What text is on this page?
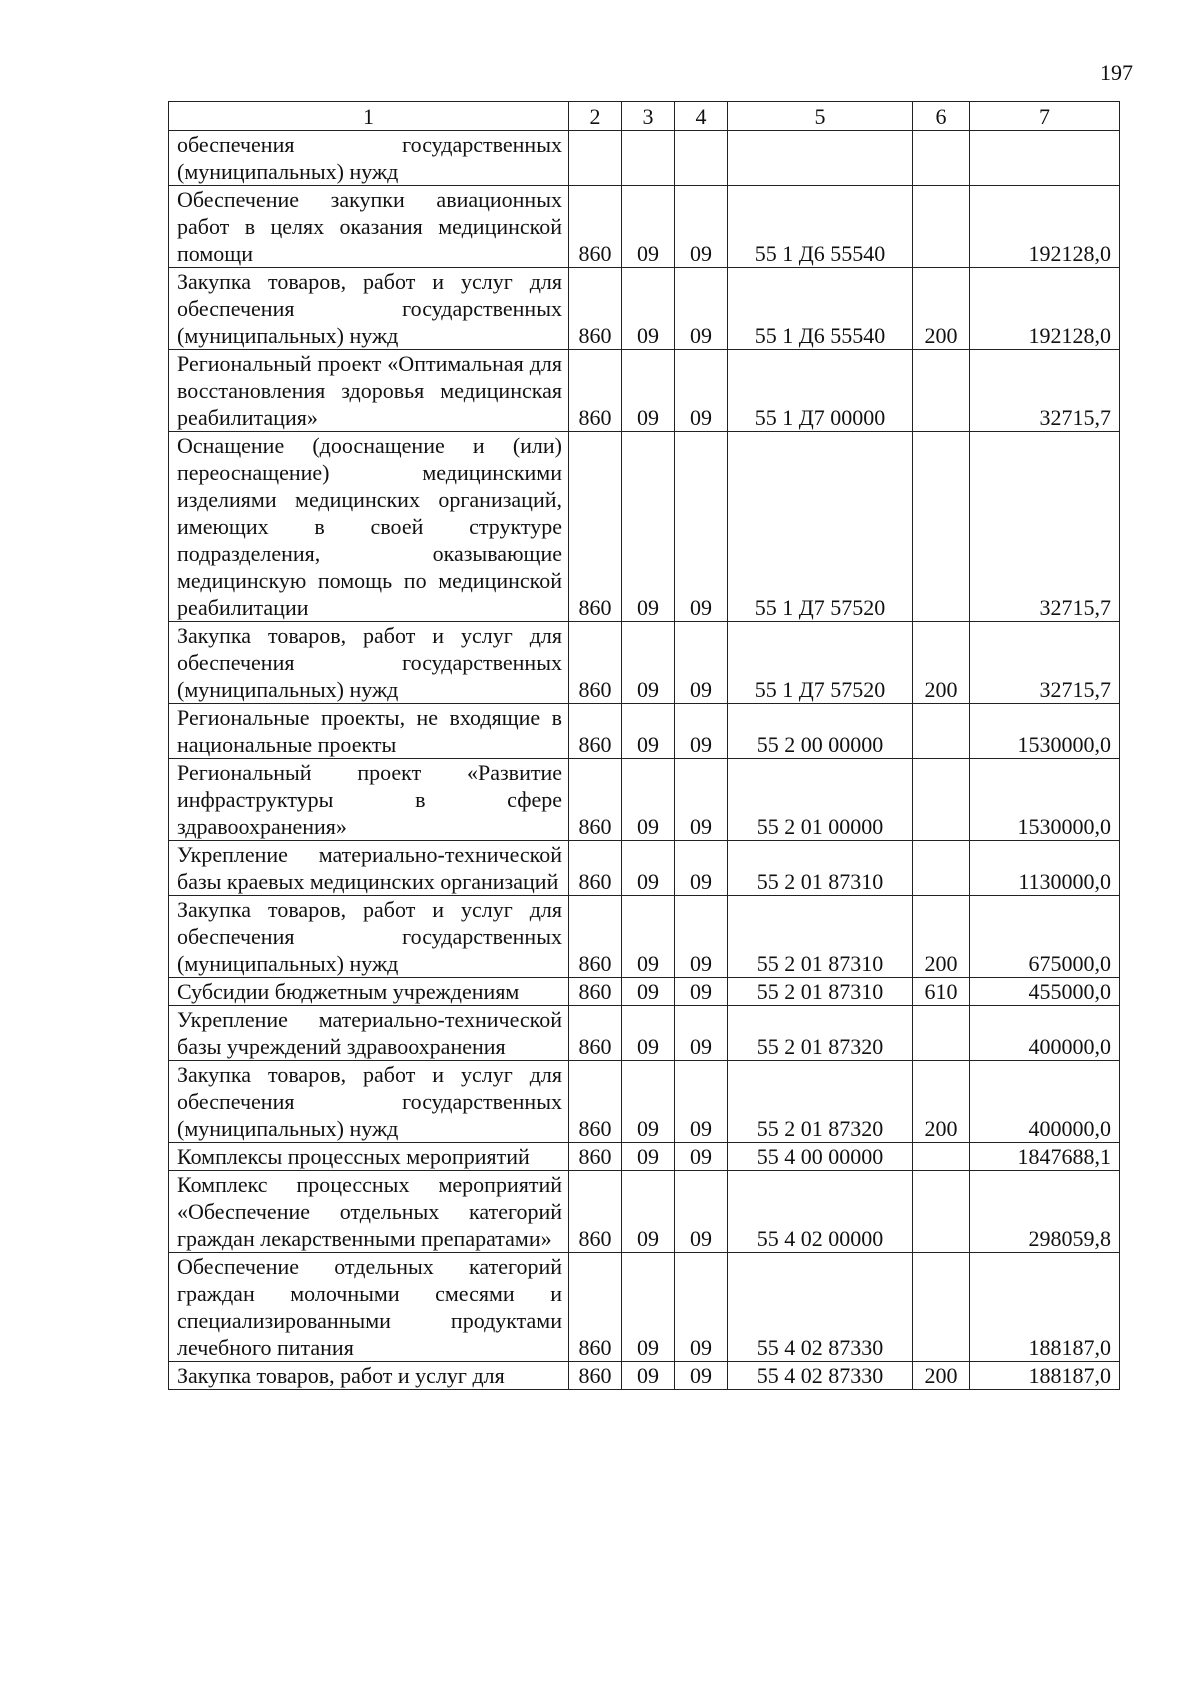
197
1	2	3	4	5	6	7
обеспечения государственных (муниципальных) нужд						
Обеспечение закупки авиационных работ в целях оказания медицинской помощи	860	09	09	55 1 Д6 55540		192128,0
Закупка товаров, работ и услуг для обеспечения государственных (муниципальных) нужд	860	09	09	55 1 Д6 55540	200	192128,0
Региональный проект «Оптимальная для восстановления здоровья медицинская реабилитация»	860	09	09	55 1 Д7 00000		32715,7
Оснащение (дооснащение и (или) переоснащение) медицинскими изделиями медицинских организаций, имеющих в своей структуре подразделения, оказывающие медицинскую помощь по медицинской реабилитации	860	09	09	55 1 Д7 57520		32715,7
Закупка товаров, работ и услуг для обеспечения государственных (муниципальных) нужд	860	09	09	55 1 Д7 57520	200	32715,7
Региональные проекты, не входящие в национальные проекты	860	09	09	55 2 00 00000		1530000,0
Региональный проект «Развитие инфраструктуры в сфере здравоохранения»	860	09	09	55 2 01 00000		1530000,0
Укрепление материально-технической базы краевых медицинских организаций	860	09	09	55 2 01 87310		1130000,0
Закупка товаров, работ и услуг для обеспечения государственных (муниципальных) нужд	860	09	09	55 2 01 87310	200	675000,0
Субсидии бюджетным учреждениям	860	09	09	55 2 01 87310	610	455000,0
Укрепление материально-технической базы учреждений здравоохранения	860	09	09	55 2 01 87320		400000,0
Закупка товаров, работ и услуг для обеспечения государственных (муниципальных) нужд	860	09	09	55 2 01 87320	200	400000,0
Комплексы процессных мероприятий	860	09	09	55 4 00 00000		1847688,1
Комплекс процессных мероприятий «Обеспечение отдельных категорий граждан лекарственными препаратами»	860	09	09	55 4 02 00000		298059,8
Обеспечение отдельных категорий граждан молочными смесями и специализированными продуктами лечебного питания	860	09	09	55 4 02 87330		188187,0
Закупка товаров, работ и услуг для	860	09	09	55 4 02 87330	200	188187,0
